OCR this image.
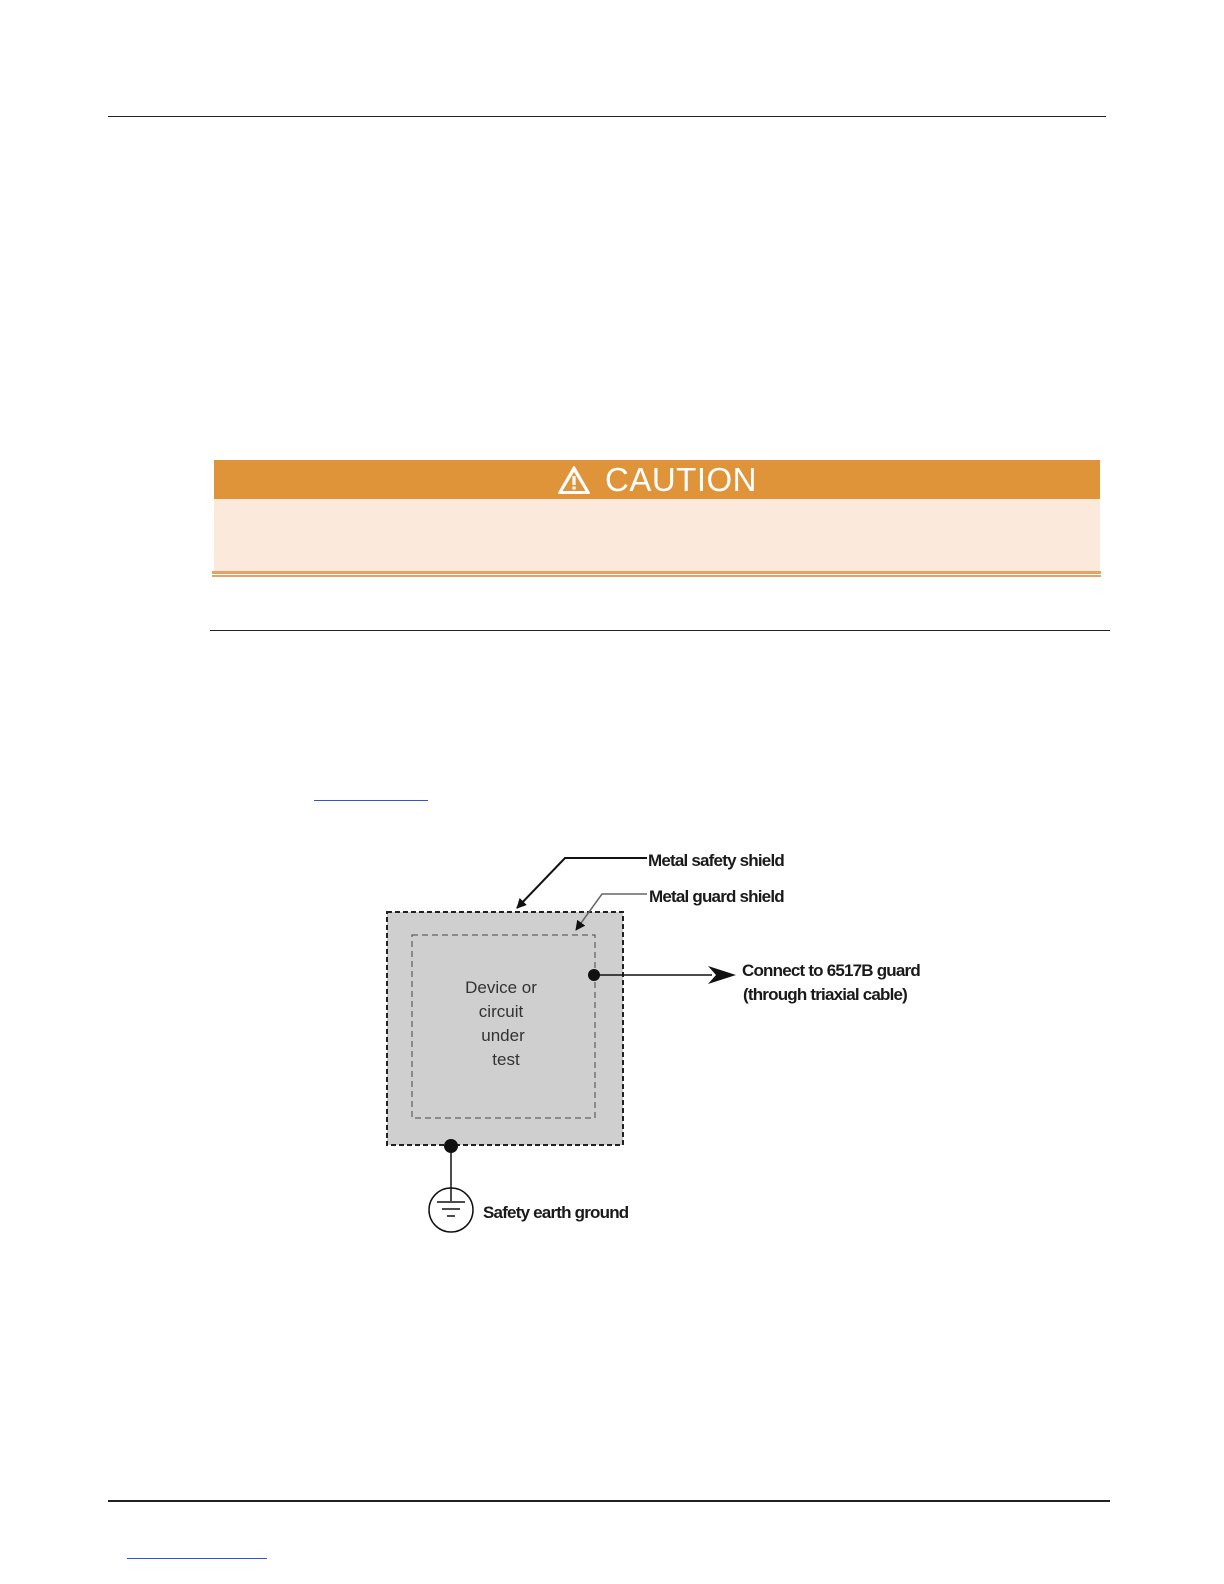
CAUTION
Device or
circuit
under
test
Metal safety shield
Metal guard shield
Connect to 6517B guard
(through triaxial cable)
Safety earth ground
